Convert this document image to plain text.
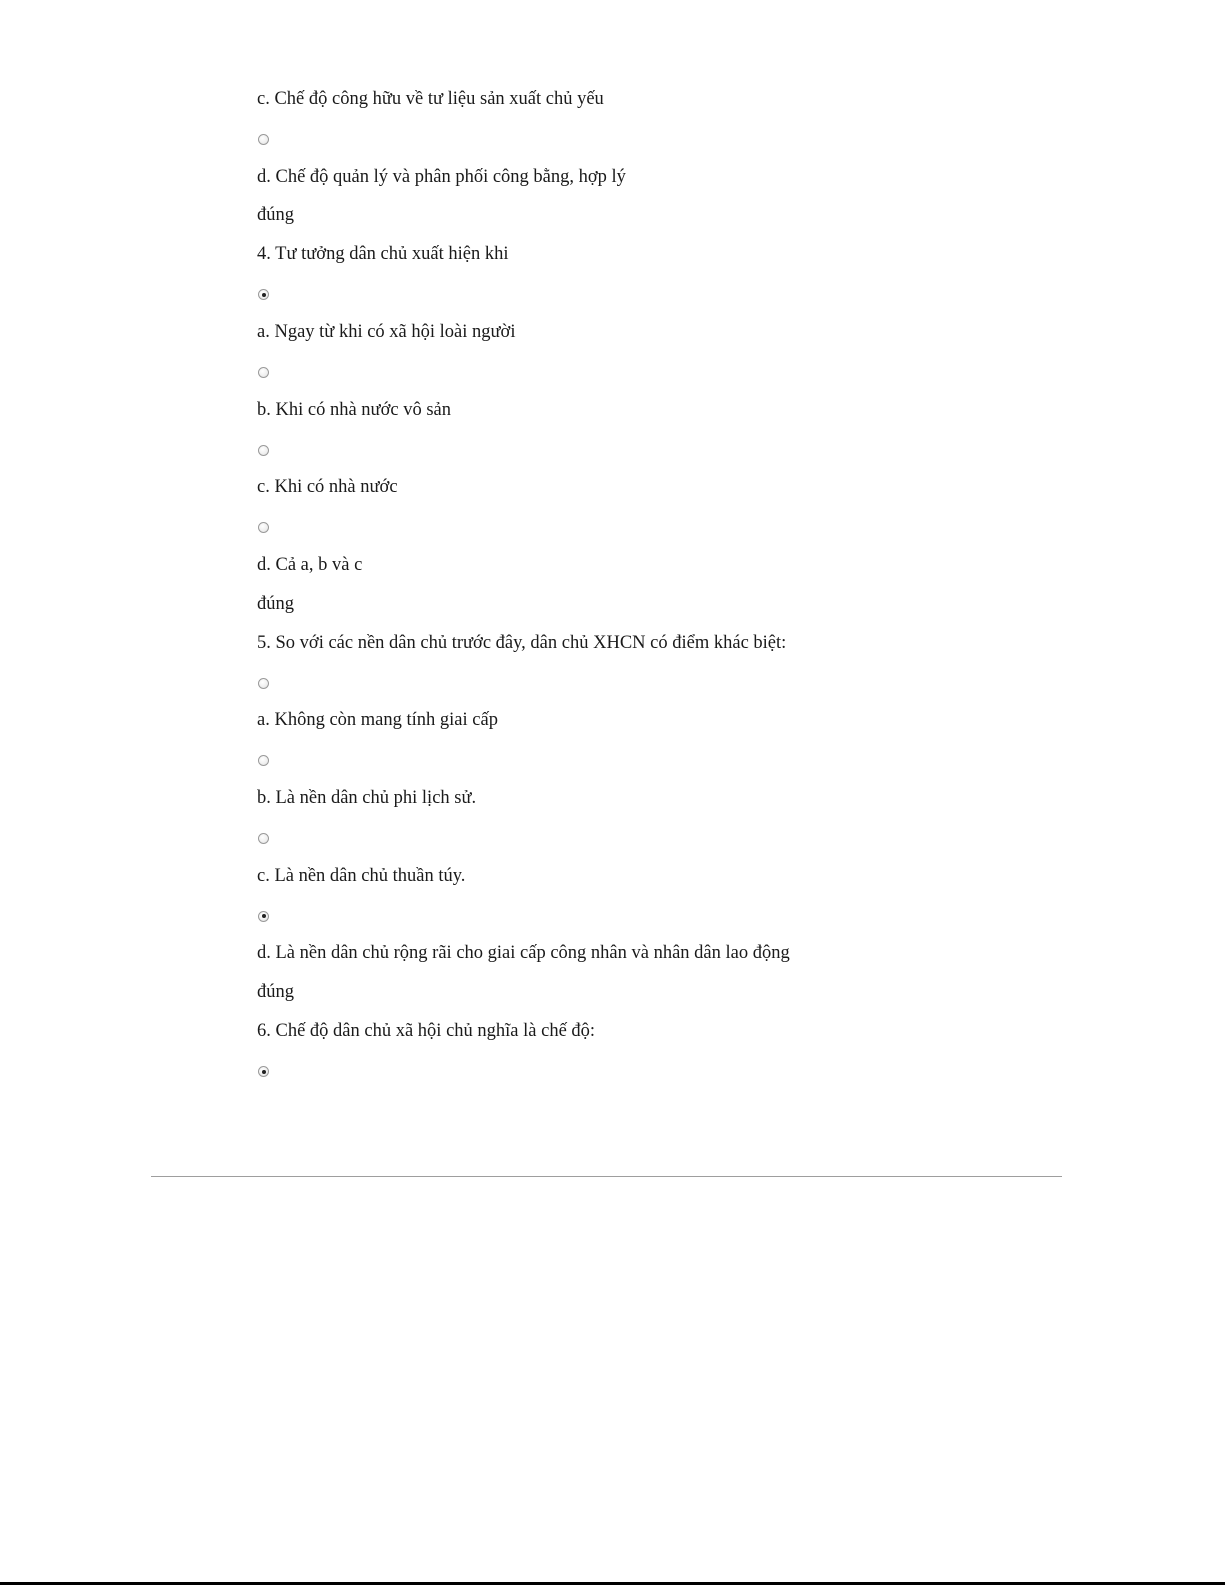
c. Chế độ công hữu về tư liệu sản xuất chủ yếu
d. Chế độ quản lý và phân phối công bằng, hợp lý
đúng
4. Tư tưởng dân chủ xuất hiện khi
a. Ngay từ khi có xã hội loài người
b. Khi có nhà nước vô sản
c. Khi có nhà nước
d. Cả a, b và c
đúng
5. So với các nền dân chủ trước đây, dân chủ XHCN có điểm khác biệt:
a. Không còn mang tính giai cấp
b. Là nền dân chủ phi lịch sử.
c. Là nền dân chủ thuần túy.
d. Là nền dân chủ rộng rãi cho giai cấp công nhân và nhân dân lao động
đúng
6. Chế độ dân chủ xã hội chủ nghĩa là chế độ:
